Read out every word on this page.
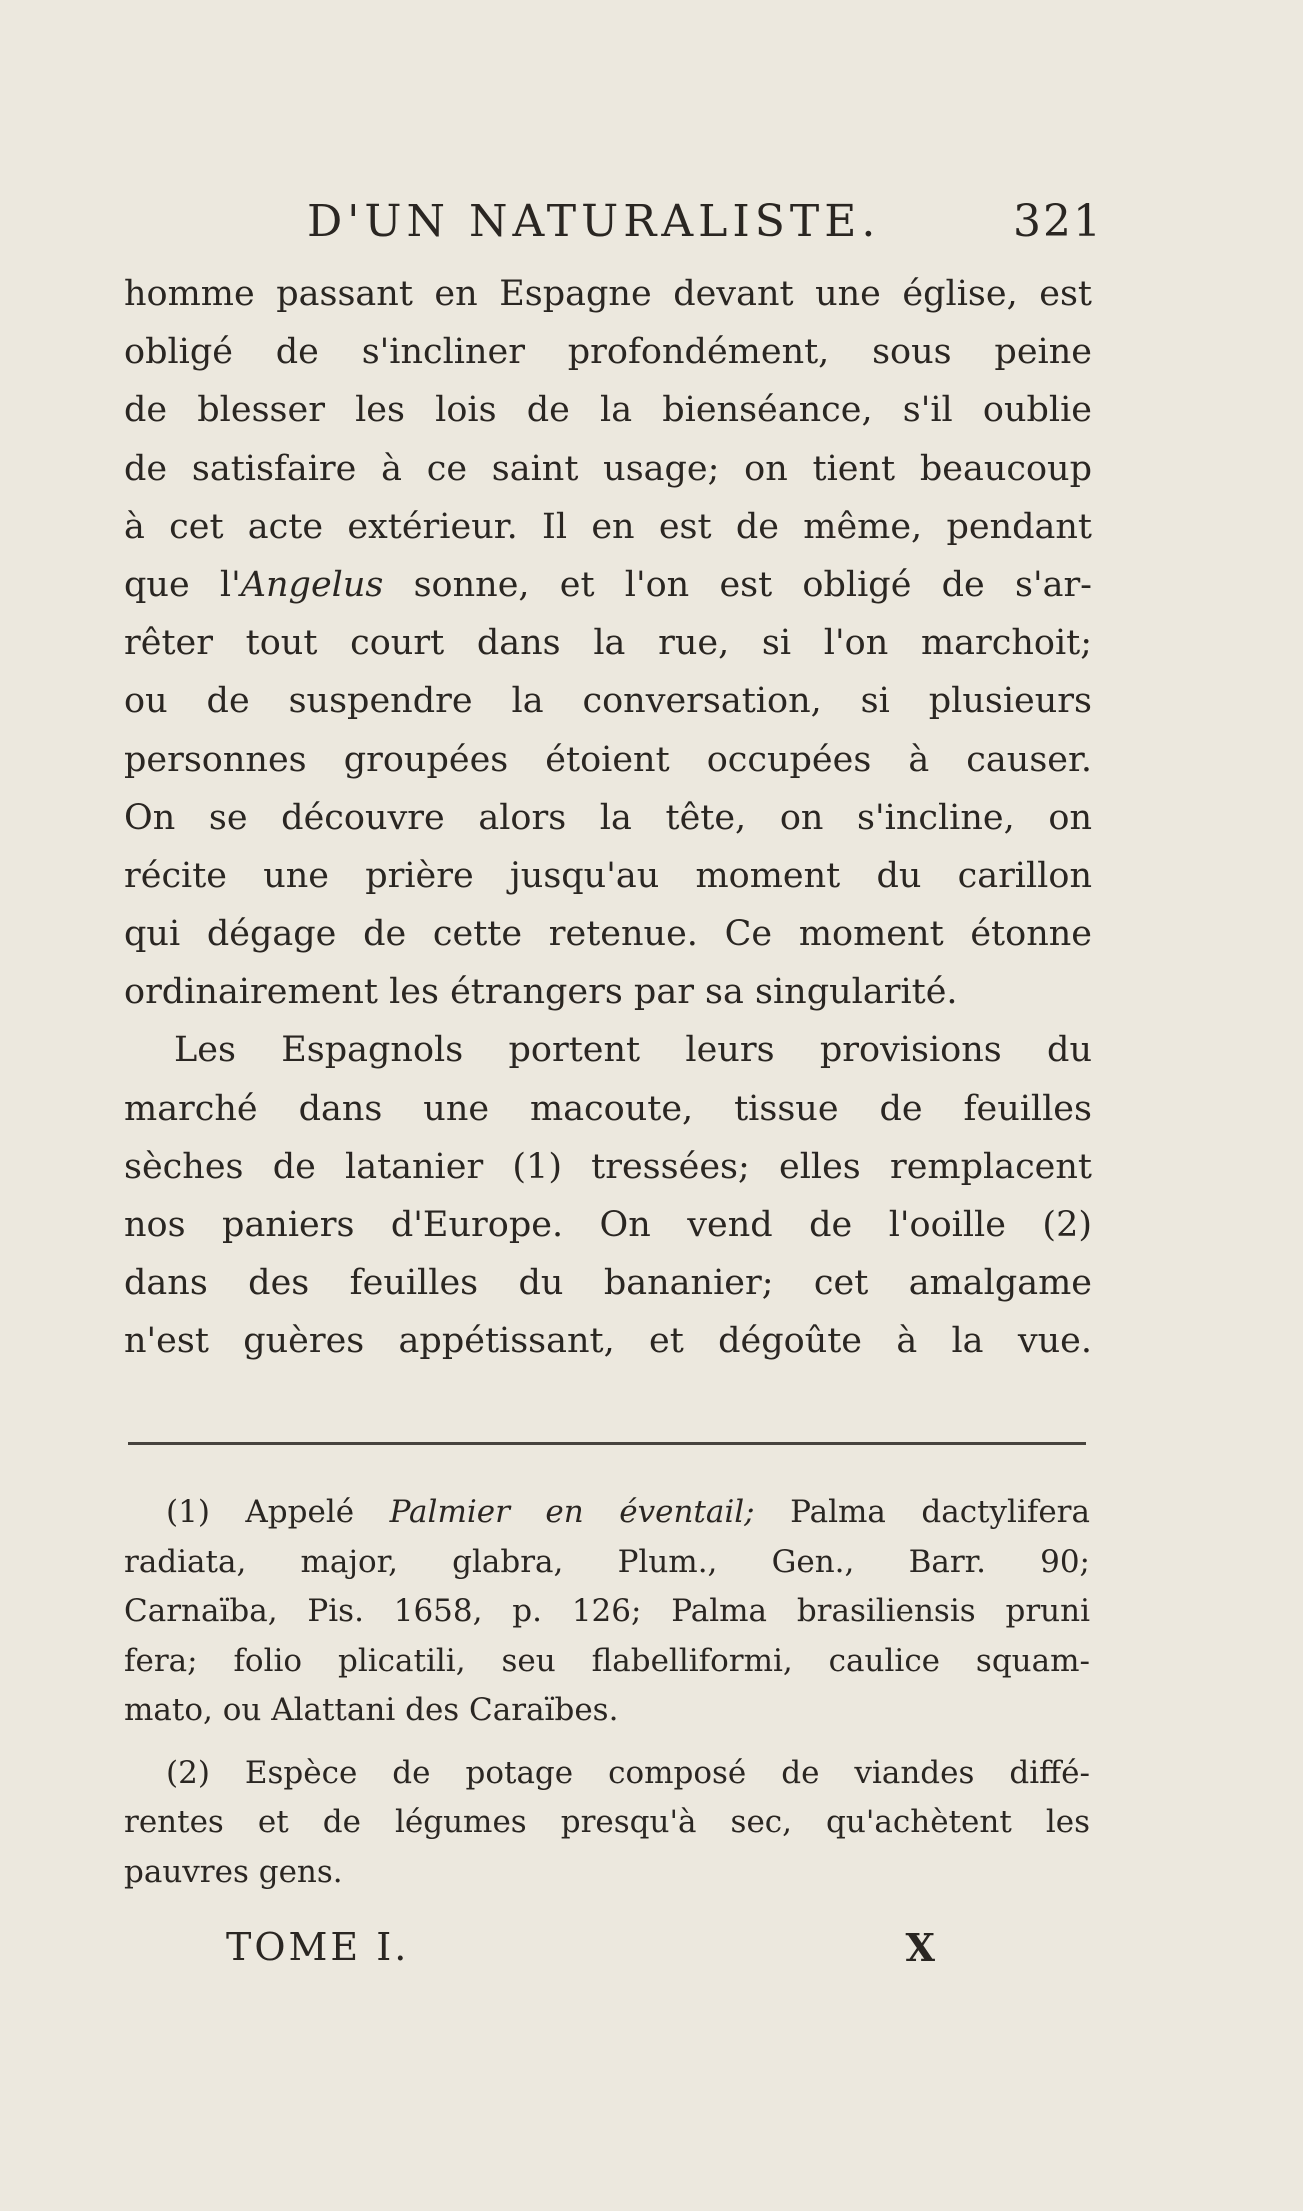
D'UN NATURALISTE.	321
homme passant en Espagne devant une église, est
obligé de s'incliner profondément, sous peine
de blesser les lois de la bienséance, s'il oublie
de satisfaire à ce saint usage; on tient beaucoup
à cet acte extérieur. Il en est de même, pendant
que l'Angelus sonne, et l'on est obligé de s'ar-
rêter tout court dans la rue, si l'on marchoit;
ou de suspendre la conversation, si plusieurs
personnes groupées étoient occupées à causer.
On se découvre alors la tête, on s'incline, on
récite une prière jusqu'au moment du carillon
qui dégage de cette retenue. Ce moment étonne
ordinairement les étrangers par sa singularité.
Les Espagnols portent leurs provisions du
marché dans une macoute, tissue de feuilles
sèches de latanier (1) tressées; elles remplacent
nos paniers d'Europe. On vend de l'ooille (2)
dans des feuilles du bananier; cet amalgame
n'est guères appétissant, et dégoûte à la vue.
(1) Appelé Palmier en éventail; Palma dactylifera
radiata, major, glabra, Plum., Gen., Barr. 90;
Carnaïba, Pis. 1658, p. 126; Palma brasiliensis pruni
fera; folio plicatili, seu flabelliformi, caulice squam-
mato, ou Alattani des Caraïbes.
(2) Espèce de potage composé de viandes diffé-
rentes et de légumes presqu'à sec, qu'achètent les
pauvres gens.
TOME I.	X
